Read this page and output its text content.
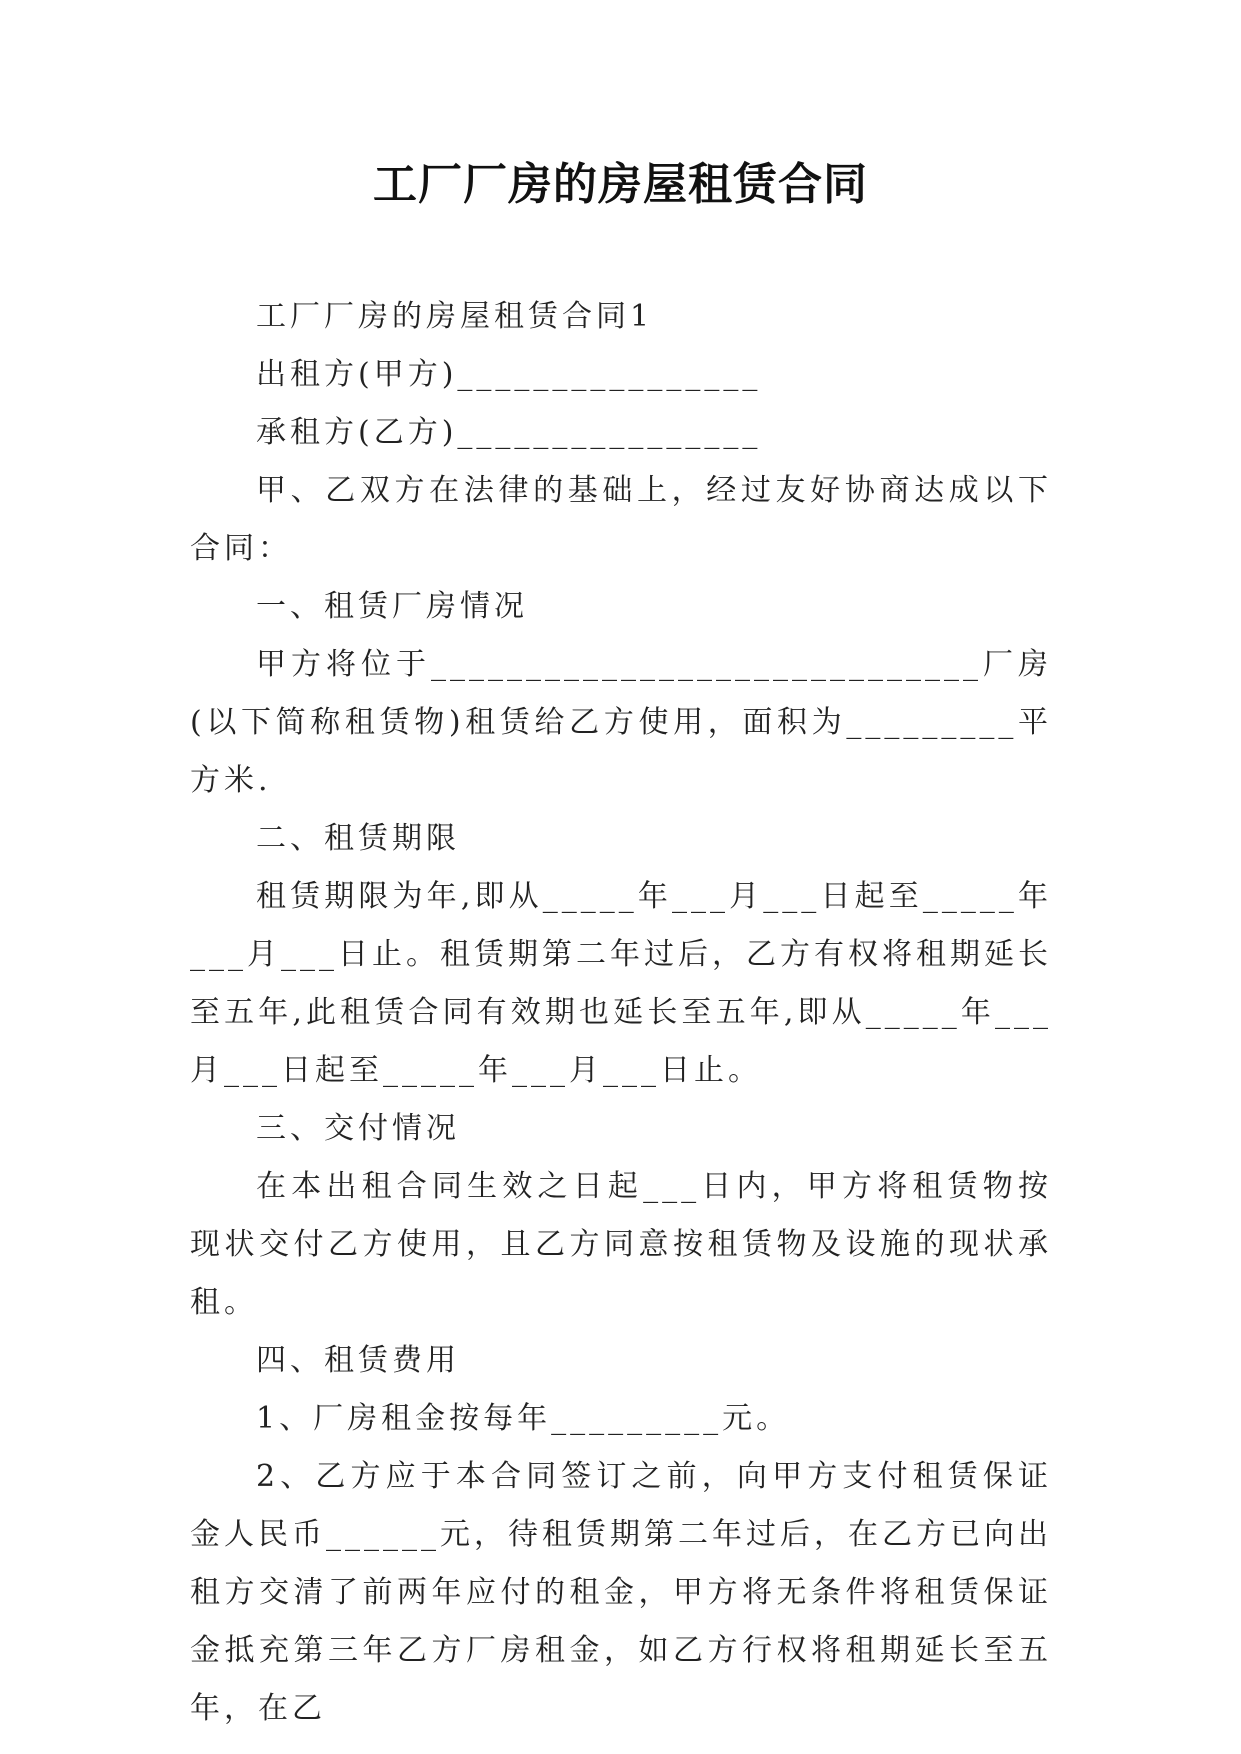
工厂厂房的房屋租赁合同

工厂厂房的房屋租赁合同1

出租方(甲方)________________

承租方(乙方)________________

甲、乙双方在法律的基础上，经过友好协商达成以下合同：

一、租赁厂房情况

甲方将位于_____________________________厂房(以下简称租赁物)租赁给乙方使用，面积为_________平方米.

二、租赁期限

租赁期限为年,即从_____年___月___日起至_____年___月___日止。租赁期第二年过后，乙方有权将租期延长至五年,此租赁合同有效期也延长至五年,即从_____年___月___日起至_____年___月___日止。

三、交付情况

在本出租合同生效之日起___日内，甲方将租赁物按现状交付乙方使用，且乙方同意按租赁物及设施的现状承租。

四、租赁费用

1、厂房租金按每年_________元。

2、乙方应于本合同签订之前，向甲方支付租赁保证金人民币______元，待租赁期第二年过后，在乙方已向出租方交清了前两年应付的租金，甲方将无条件将租赁保证金抵充第三年乙方厂房租金，如乙方行权将租期延长至五年，在乙
